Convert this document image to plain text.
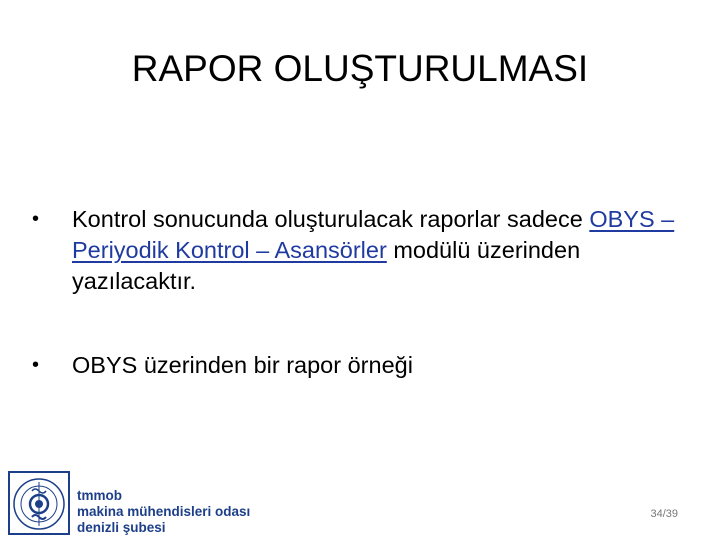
RAPOR OLUŞTURULMASI
• Kontrol sonucunda oluşturulacak raporlar sadece OBYS – Periyodik Kontrol – Asansörler modülü üzerinden yazılacaktır.
• OBYS üzerinden bir rapor örneği
tmmob
makina mühendisleri odası
denizli şubesi
34/39
